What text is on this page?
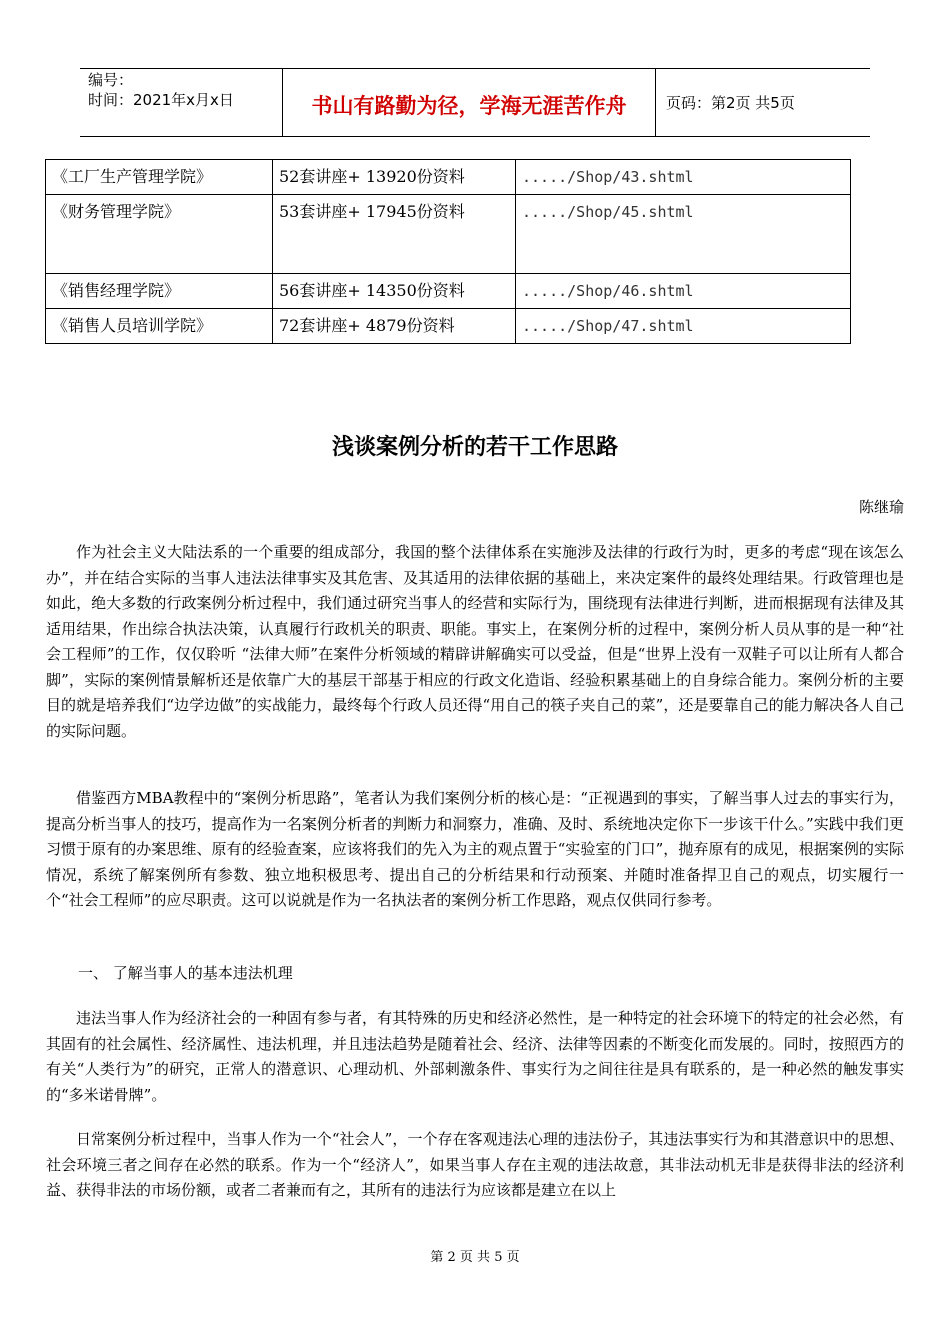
编号：
时间：2021年x月x日	书山有路勤为径，学海无涯苦作舟	页码：第2页 共5页
《工厂生产管理学院》	52套讲座+ 13920份资料	...../Shop/43.shtml
《财务管理学院》	53套讲座+ 17945份资料	...../Shop/45.shtml
《销售经理学院》	56套讲座+ 14350份资料	...../Shop/46.shtml
《销售人员培训学院》	72套讲座+ 4879份资料	...../Shop/47.shtml
浅谈案例分析的若干工作思路
陈继瑜

作为社会主义大陆法系的一个重要的组成部分，我国的整个法律体系在实施涉及法律的行政行为时，更多的考虑“现在该怎么办”，并在结合实际的当事人违法法律事实及其危害、及其适用的法律依据的基础上，来决定案件的最终处理结果。行政管理也是如此，绝大多数的行政案例分析过程中，我们通过研究当事人的经营和实际行为，围绕现有法律进行判断，进而根据现有法律及其适用结果，作出综合执法决策，认真履行行政机关的职责、职能。事实上，在案例分析的过程中，案例分析人员从事的是一种“社会工程师”的工作，仅仅聆听 “法律大师”在案件分析领域的精辟讲解确实可以受益，但是“世界上没有一双鞋子可以让所有人都合脚”，实际的案例情景解析还是依靠广大的基层干部基于相应的行政文化造诣、经验积累基础上的自身综合能力。案例分析的主要目的就是培养我们“边学边做”的实战能力，最终每个行政人员还得“用自己的筷子夹自己的菜”，还是要靠自己的能力解决各人自己的实际问题。

借鉴西方MBA教程中的“案例分析思路”，笔者认为我们案例分析的核心是：“正视遇到的事实，了解当事人过去的事实行为，提高分析当事人的技巧，提高作为一名案例分析者的判断力和洞察力，准确、及时、系统地决定你下一步该干什么。”实践中我们更习惯于原有的办案思维、原有的经验查案，应该将我们的先入为主的观点置于“实验室的门口”，抛弃原有的成见，根据案例的实际情况，系统了解案例所有参数、独立地积极思考、提出自己的分析结果和行动预案、并随时准备捍卫自己的观点，切实履行一个“社会工程师”的应尽职责。这可以说就是作为一名执法者的案例分析工作思路，观点仅供同行参考。

一、 了解当事人的基本违法机理

违法当事人作为经济社会的一种固有参与者，有其特殊的历史和经济必然性，是一种特定的社会环境下的特定的社会必然，有其固有的社会属性、经济属性、违法机理，并且违法趋势是随着社会、经济、法律等因素的不断变化而发展的。同时，按照西方的有关“人类行为”的研究，正常人的潜意识、心理动机、外部刺激条件、事实行为之间往往是具有联系的，是一种必然的触发事实的“多米诺骨牌”。

日常案例分析过程中，当事人作为一个“社会人”，一个存在客观违法心理的违法份子，其违法事实行为和其潜意识中的思想、社会环境三者之间存在必然的联系。作为一个“经济人”，如果当事人存在主观的违法故意，其非法动机无非是获得非法的经济利益、获得非法的市场份额，或者二者兼而有之，其所有的违法行为应该都是建立在以上

第 2 页 共 5 页
